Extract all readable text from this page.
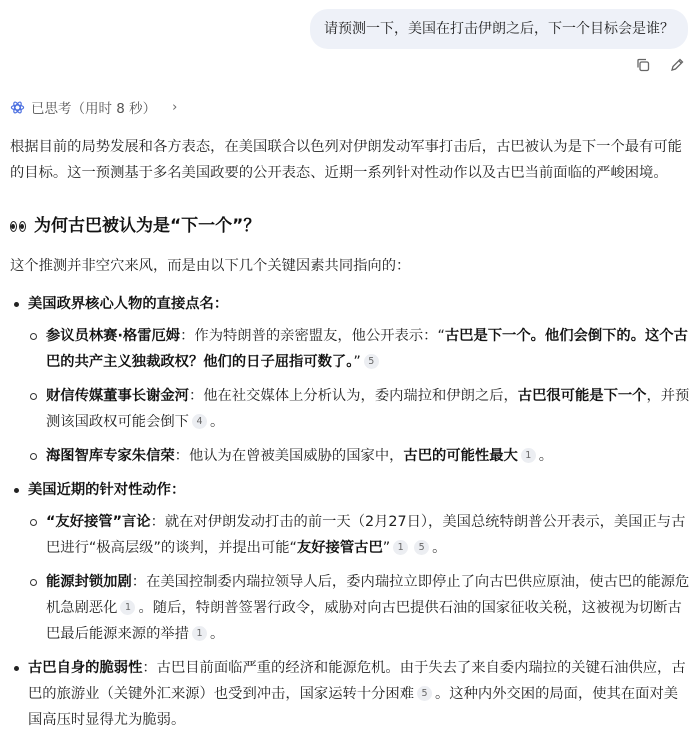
请预测一下，美国在打击伊朗之后，下一个目标会是谁？
已思考（用时 8 秒） ›

根据目前的局势发展和各方表态，在美国联合以色列对伊朗发动军事打击后，古巴被认为是下一个最有可能的目标。这一预测基于多名美国政要的公开表态、近期一系列针对性动作以及古巴当前面临的严峻困境。

为何古巴被认为是“下一个”？

这个推测并非空穴来风，而是由以下几个关键因素共同指向的：

美国政界核心人物的直接点名：
参议员林赛·格雷厄姆：作为特朗普的亲密盟友，他公开表示：“古巴是下一个。他们会倒下的。这个古巴的共产主义独裁政权？他们的日子屈指可数了。” 5
财信传媒董事长谢金河：他在社交媒体上分析认为，委内瑞拉和伊朗之后，古巴很可能是下一个，并预测该国政权可能会倒下 4 。
海图智库专家朱信荣：他认为在曾被美国威胁的国家中，古巴的可能性最大 1 。
美国近期的针对性动作：
“友好接管”言论：就在对伊朗发动打击的前一天（2月27日），美国总统特朗普公开表示，美国正与古巴进行“极高层级”的谈判，并提出可能“友好接管古巴” 1 5 。
能源封锁加剧：在美国控制委内瑞拉领导人后，委内瑞拉立即停止了向古巴供应原油，使古巴的能源危机急剧恶化 1 。随后，特朗普签署行政令，威胁对向古巴提供石油的国家征收关税，这被视为切断古巴最后能源来源的举措 1 。
古巴自身的脆弱性：古巴目前面临严重的经济和能源危机。由于失去了来自委内瑞拉的关键石油供应，古巴的旅游业（关键外汇来源）也受到冲击，国家运转十分困难 5 。这种内外交困的局面，使其在面对美国高压时显得尤为脆弱。
